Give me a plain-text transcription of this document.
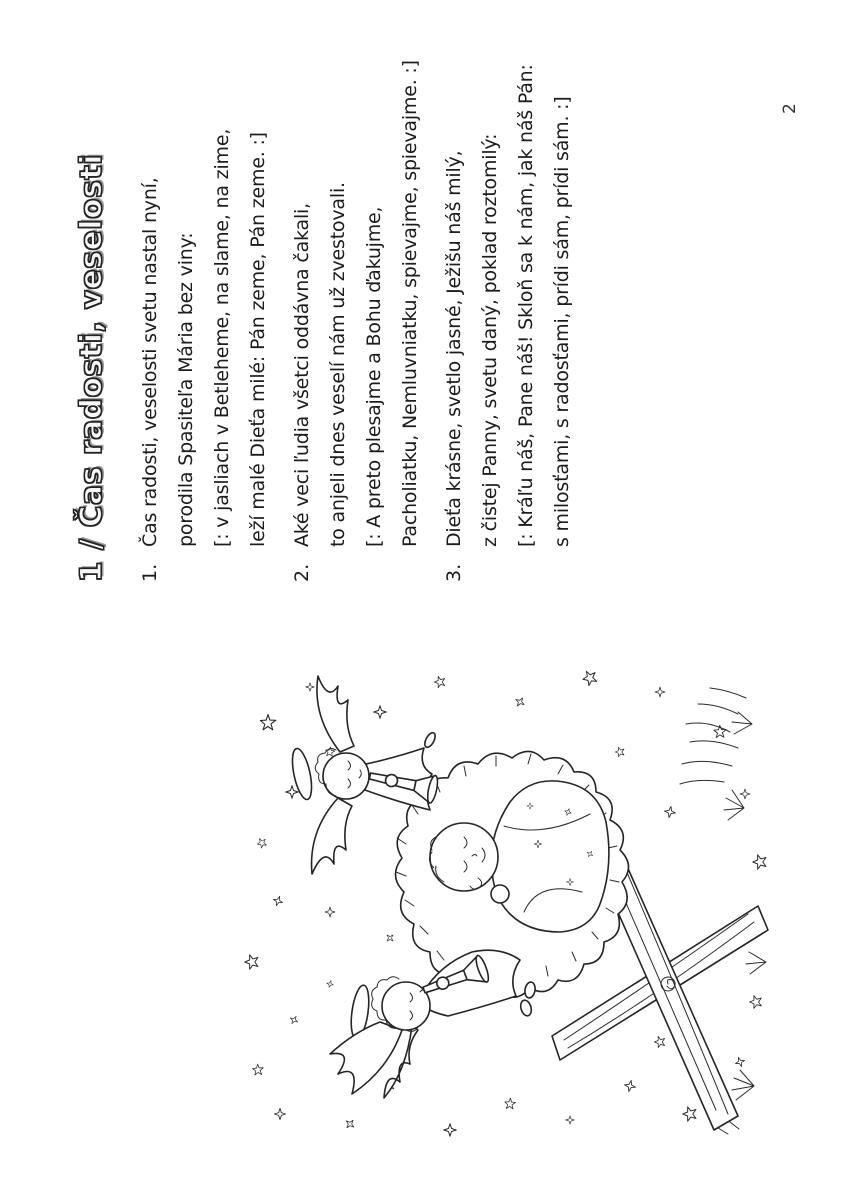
1 / Čas radosti, veselosti	1.
Čas radosti, veselosti svetu nastal nyní, porodila Spasiteľa Mária bez viny: [: v jasliach v Betleheme, na slame, na zime, leží malé Dieťa milé: Pán zeme, Pán zeme. :]
2.
Aké veci ľudia všetci oddávna čakali, to anjeli dnes veselí nám už zvestovali. [: A preto plesajme a Bohu ďakujme, Pacholiatku, Nemluvniatku, spievajme, spievajme. :]
3.
Dieťa krásne, svetlo jasné, Ježišu náš milý, z čistej Panny, svetu daný, poklad roztomilý: [: Kráľu náš, Pane náš! Skloň sa k nám, jak náš Pán: s milosťami, s radosťami, prídi sám, prídi sám. :]	2
